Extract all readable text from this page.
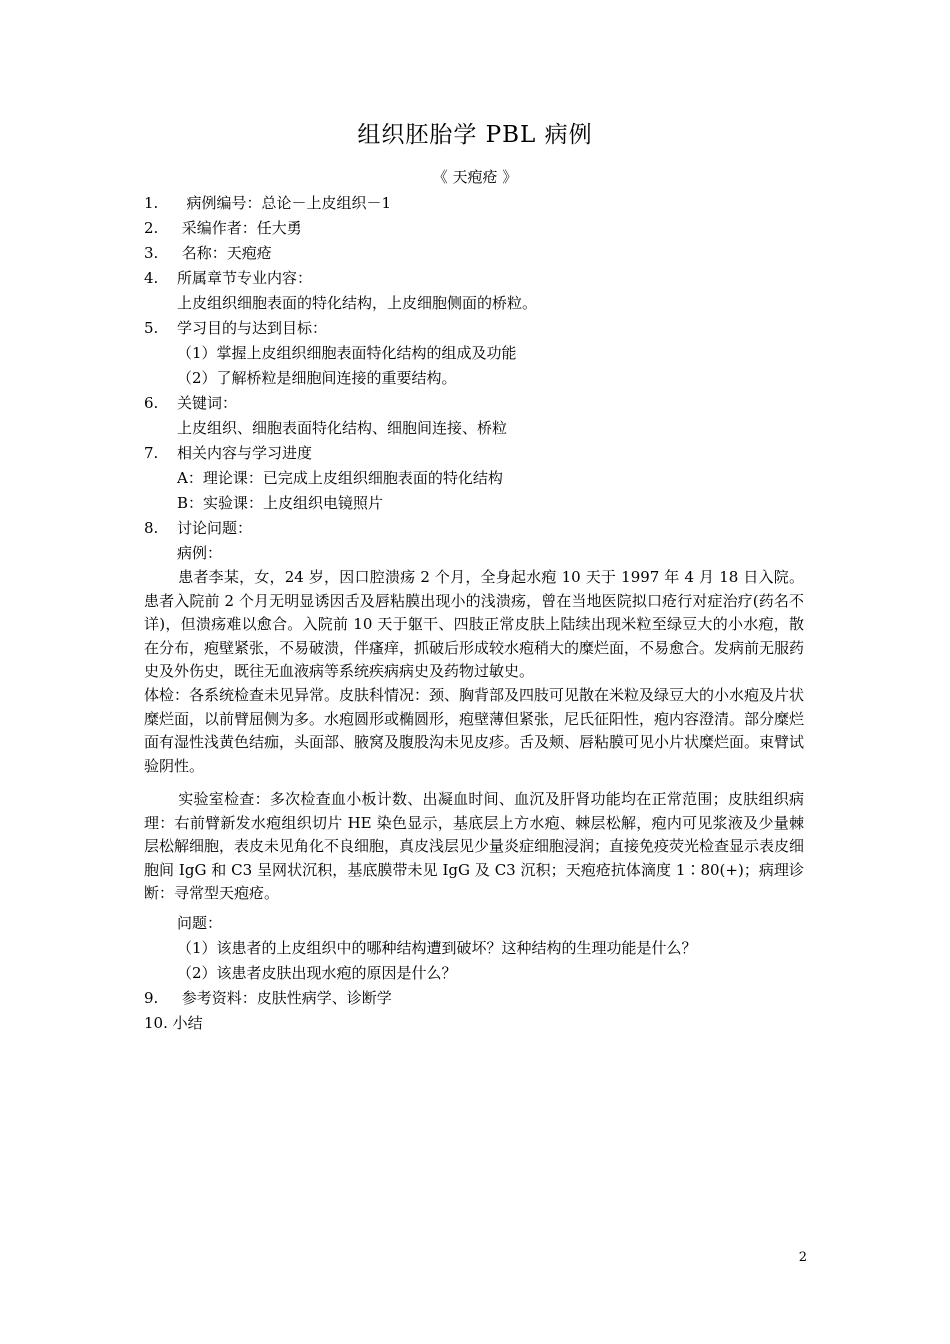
组织胚胎学 PBL 病例
《 天疱疮 》
1.  病例编号：总论－上皮组织－1
2. 采编作者：任大勇
3. 名称：天疱疮
4. 所属章节专业内容：
上皮组织细胞表面的特化结构，上皮细胞侧面的桥粒。
5. 学习目的与达到目标：
（1）掌握上皮组织细胞表面特化结构的组成及功能
（2）了解桥粒是细胞间连接的重要结构。
6. 关键词：
上皮组织、细胞表面特化结构、细胞间连接、桥粒
7. 相关内容与学习进度
A：理论课：已完成上皮组织细胞表面的特化结构
B：实验课：上皮组织电镜照片
8. 讨论问题：
病例：
患者李某，女，24 岁，因口腔溃疡 2 个月，全身起水疱 10 天于 1997 年 4 月 18 日入院。患者入院前 2 个月无明显诱因舌及唇粘膜出现小的浅溃疡，曾在当地医院拟口疮行对症治疗(药名不详)，但溃疡难以愈合。入院前 10 天于躯干、四肢正常皮肤上陆续出现米粒至绿豆大的小水疱，散在分布，疱壁紧张，不易破溃，伴瘙痒，抓破后形成较水疱稍大的糜烂面，不易愈合。发病前无服药史及外伤史，既往无血液病等系统疾病病史及药物过敏史。
体检：各系统检查未见异常。皮肤科情况：颈、胸背部及四肢可见散在米粒及绿豆大的小水疱及片状糜烂面，以前臂屈侧为多。水疱圆形或椭圆形，疱壁薄但紧张，尼氏征阳性，疱内容澄清。部分糜烂面有湿性浅黄色结痂，头面部、腋窝及腹股沟未见皮疹。舌及颊、唇粘膜可见小片状糜烂面。束臂试验阴性。
实验室检查：多次检查血小板计数、出凝血时间、血沉及肝肾功能均在正常范围；皮肤组织病理：右前臂新发水疱组织切片 HE 染色显示，基底层上方水疱、棘层松解，疱内可见浆液及少量棘层松解细胞，表皮未见角化不良细胞，真皮浅层见少量炎症细胞浸润；直接免疫荧光检查显示表皮细胞间 IgG 和 C3 呈网状沉积，基底膜带未见 IgG 及 C3 沉积；天疱疮抗体滴度 1∶80(+)；病理诊断：寻常型天疱疮。
问题：
（1）该患者的上皮组织中的哪种结构遭到破坏？这种结构的生理功能是什么？
（2）该患者皮肤出现水疱的原因是什么？
9. 参考资料：皮肤性病学、诊断学
10. 小结
2
